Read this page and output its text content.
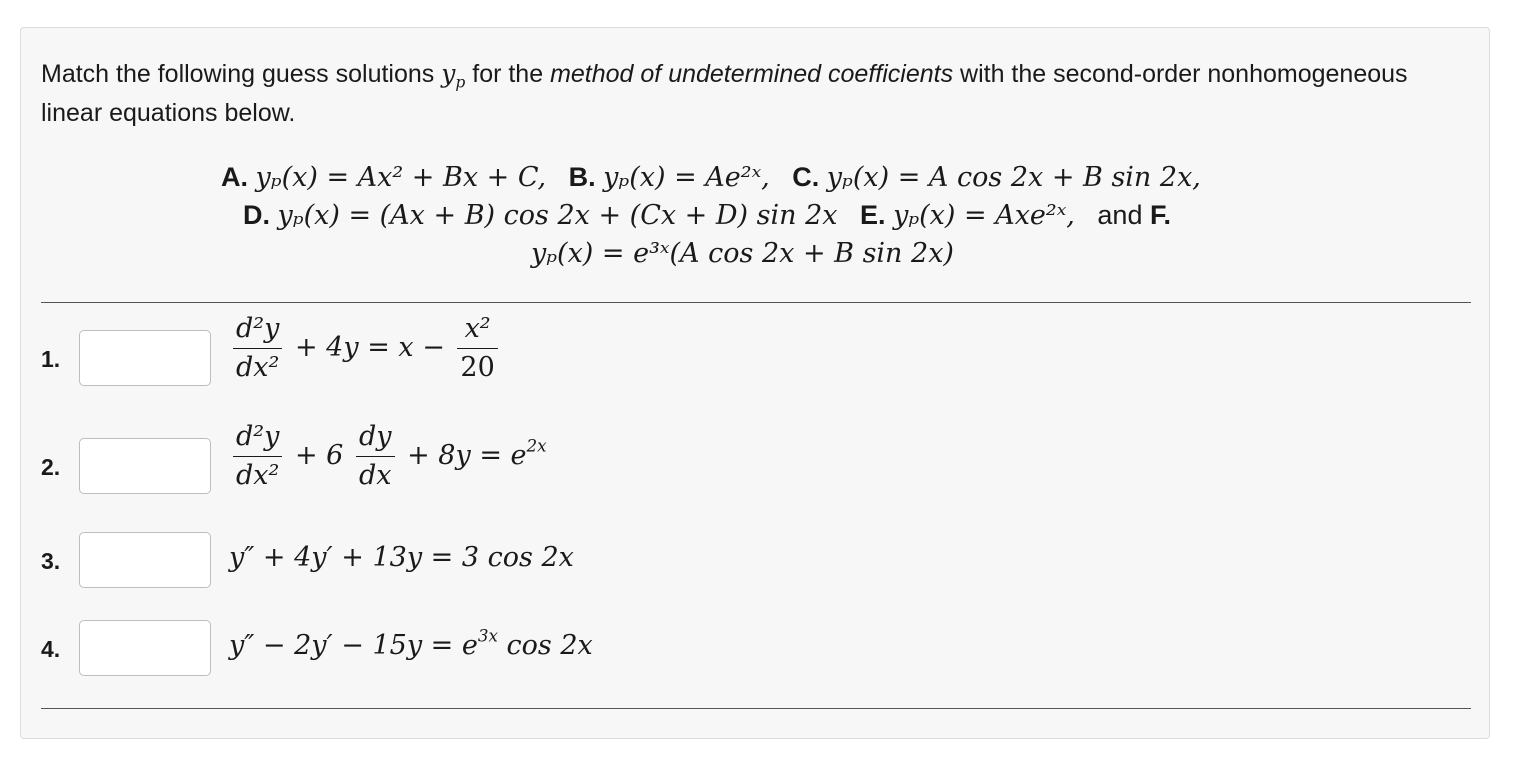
Match the following guess solutions $y_p$ for the method of undetermined coefficients with the second-order nonhomogeneous linear equations below.
A. yₚ(x) = Ax² + Bx + C, B. yₚ(x) = Ae²ˣ, C. yₚ(x) = A cos 2x + B sin 2x,
D. yₚ(x) = (Ax + B) cos 2x + (Cx + D) sin 2x E. yₚ(x) = Axe²ˣ, and F.
yₚ(x) = e³ˣ(A cos 2x + B sin 2x)
1.	$\frac{\text{d²y}}{\text{dx²}} + 4y = x - \frac{\text{x²}}{20}$
2.	$\frac{\text{d²y}}{\text{dx²}} + 6 \frac{dy}{dx} + 8y = e^{2x}$
3.	y″ + 4y′ + 13y = 3 cos 2x
4.	$y'' - 2y' - 15y = e^{3x}$ cos 2x
